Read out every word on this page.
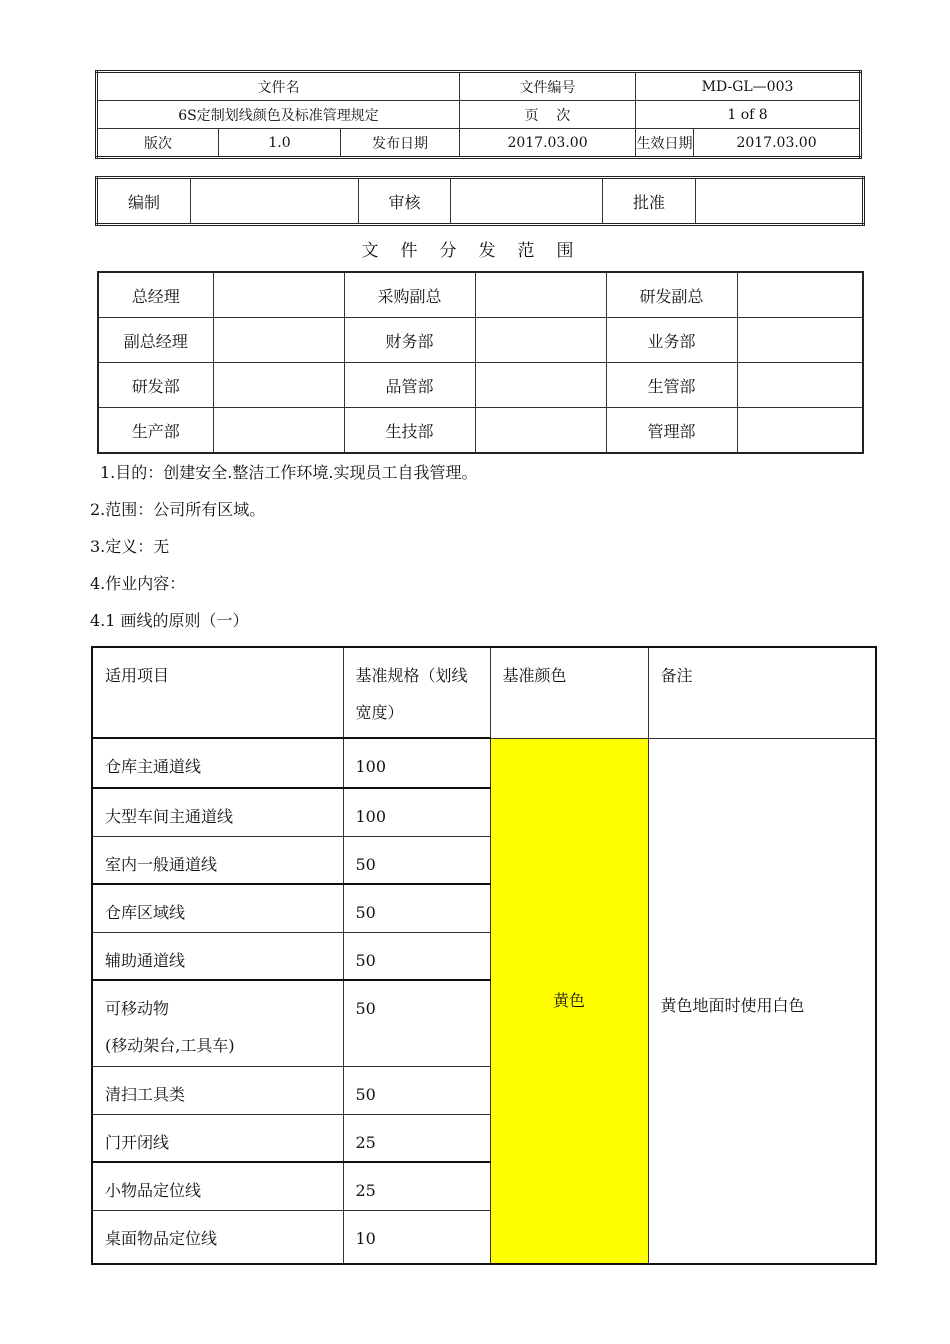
文件名			文件编号	MD-GL—003	
6S定制划线颜色及标准管理规定			页    次	1 of 8	
版次	1.0	发布日期	2017.03.00	生效日期	2017.03.00
编制		审核		批准	
文件分发范围
总经理		采购副总		研发副总	
副总经理		财务部		业务部	
研发部		品管部		生管部	
生产部		生技部		管理部	
1.目的：创建安全.整洁工作环境.实现员工自我管理。
2.范围：公司所有区域。
3.定义：无
4.作业内容：
4.1 画线的原则（一）
适用项目	基准规格（划线宽度）	基准颜色	备注
仓库主通道线	100	黄色	黄色地面时使用白色
大型车间主通道线	100		
室内一般通道线	50		
仓库区域线	50		
辅助通道线	50		

可移动物
(移动架台,工具车)	50		
清扫工具类	50		
门开闭线	25		
小物品定位线	25		
桌面物品定位线	10		
